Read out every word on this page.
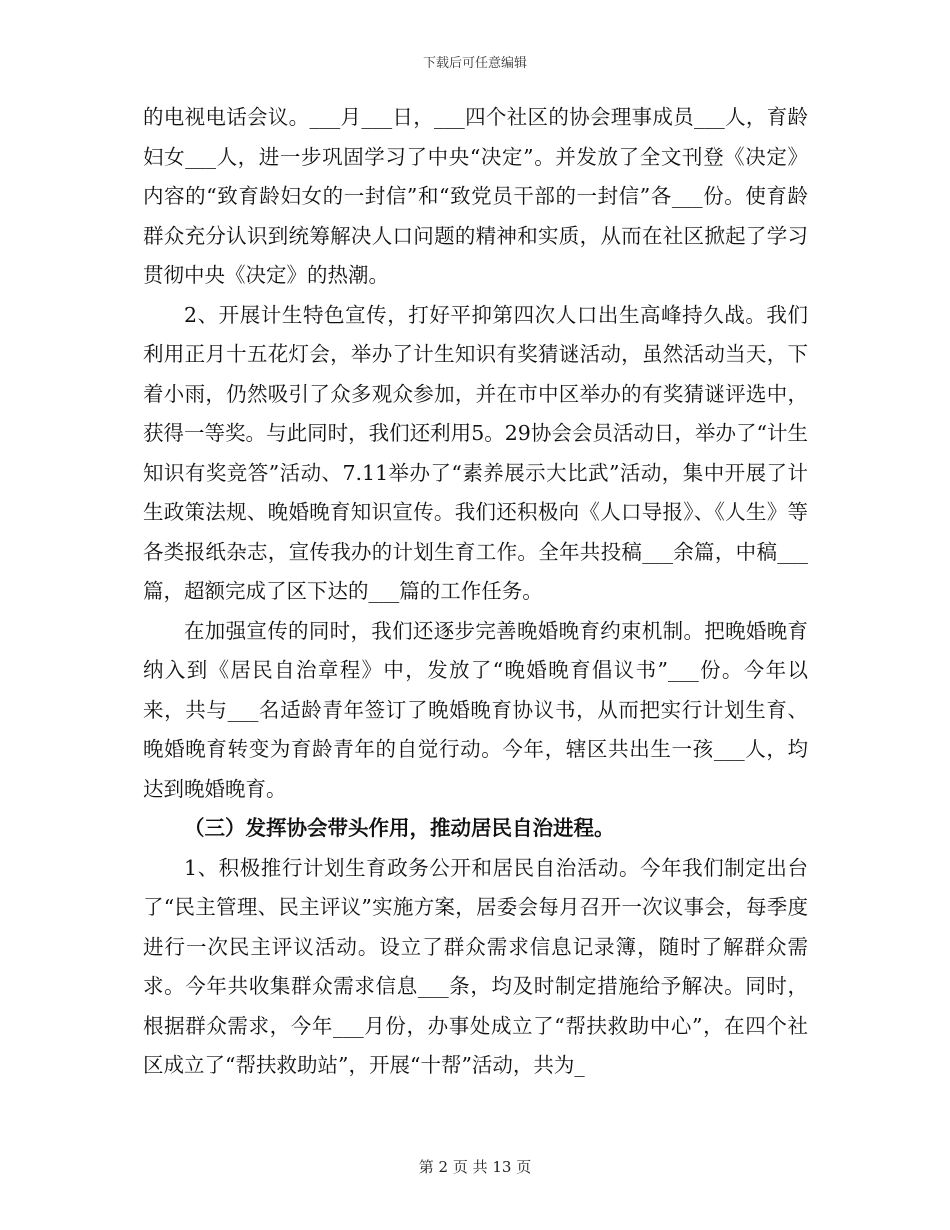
下载后可任意编辑

的电视电话会议。___月___日，___四个社区的协会理事成员___人，育龄妇女___人，进一步巩固学习了中央“决定”。并发放了全文刊登《决定》内容的“致育龄妇女的一封信”和“致党员干部的一封信”各___份。使育龄群众充分认识到统筹解决人口问题的精神和实质，从而在社区掀起了学习贯彻中央《决定》的热潮。

2、开展计生特色宣传，打好平抑第四次人口出生高峰持久战。我们利用正月十五花灯会，举办了计生知识有奖猜谜活动，虽然活动当天，下着小雨，仍然吸引了众多观众参加，并在市中区举办的有奖猜谜评选中，获得一等奖。与此同时，我们还利用5。29协会会员活动日，举办了“计生知识有奖竞答”活动、7.11举办了“素养展示大比武”活动，集中开展了计生政策法规、晚婚晚育知识宣传。我们还积极向《人口导报》、《人生》等各类报纸杂志，宣传我办的计划生育工作。全年共投稿___余篇，中稿___篇，超额完成了区下达的___篇的工作任务。

在加强宣传的同时，我们还逐步完善晚婚晚育约束机制。把晚婚晚育纳入到《居民自治章程》中，发放了“晚婚晚育倡议书”___份。今年以来，共与___名适龄青年签订了晚婚晚育协议书，从而把实行计划生育、晚婚晚育转变为育龄青年的自觉行动。今年，辖区共出生一孩___人，均达到晚婚晚育。

（三）发挥协会带头作用，推动居民自治进程。

1、积极推行计划生育政务公开和居民自治活动。今年我们制定出台了“民主管理、民主评议”实施方案，居委会每月召开一次议事会，每季度进行一次民主评议活动。设立了群众需求信息记录簿，随时了解群众需求。今年共收集群众需求信息___条，均及时制定措施给予解决。同时，根据群众需求，今年___月份，办事处成立了“帮扶救助中心”，在四个社区成立了“帮扶救助站”，开展“十帮”活动，共为_

第 2 页 共 13 页
